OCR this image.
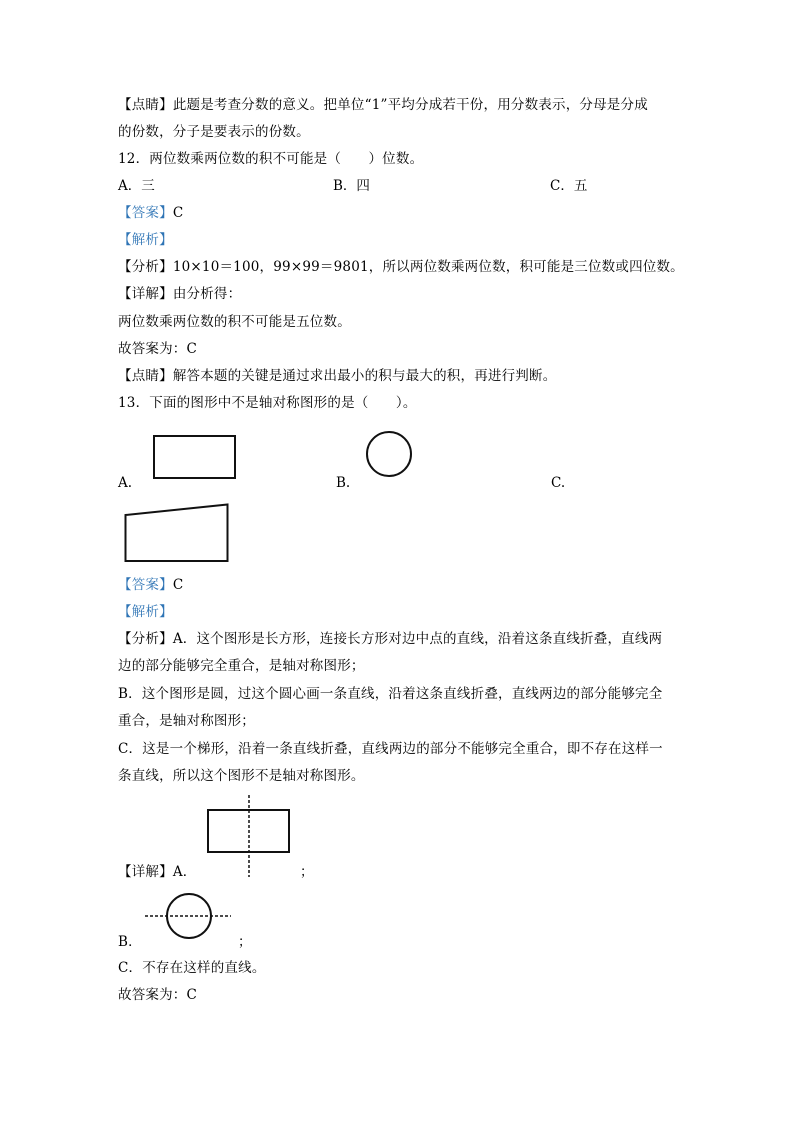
【点睛】此题是考查分数的意义。把单位“1”平均分成若干份，用分数表示，分母是分成
的份数，分子是要表示的份数。
12．两位数乘两位数的积不可能是（　　）位数。
A．三	B．四	C．五
【答案】C
【解析】
【分析】10×10＝100，99×99＝9801，所以两位数乘两位数，积可能是三位数或四位数。
【详解】由分析得：
两位数乘两位数的积不可能是五位数。
故答案为：C
【点睛】解答本题的关键是通过求出最小的积与最大的积，再进行判断。
13．下面的图形中不是轴对称图形的是（　　）。
A.	B.	C.
【答案】C
【解析】
【分析】A．这个图形是长方形，连接长方形对边中点的直线，沿着这条直线折叠，直线两
边的部分能够完全重合，是轴对称图形；
B．这个图形是圆，过这个圆心画一条直线，沿着这条直线折叠，直线两边的部分能够完全
重合，是轴对称图形；
C．这是一个梯形，沿着一条直线折叠，直线两边的部分不能够完全重合，即不存在这样一
条直线，所以这个图形不是轴对称图形。
【详解】A．	；
B．	；
C．不存在这样的直线。
故答案为：C
